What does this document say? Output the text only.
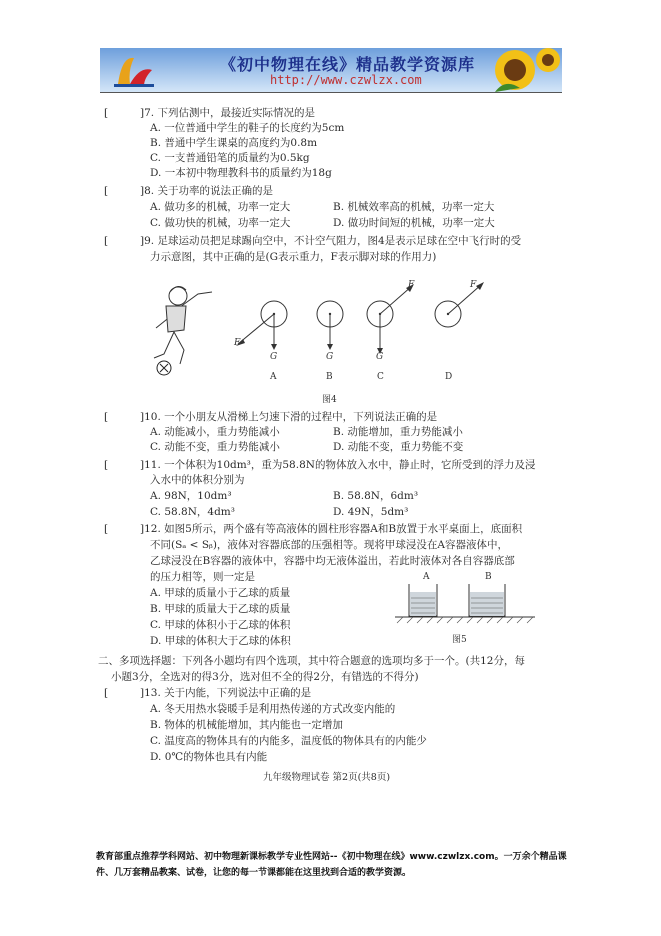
《初中物理在线》精品教学资源库
http://www.czwlzx.com
[	]7. 下列估测中，最接近实际情况的是
A. 一位普通中学生的鞋子的长度约为5cm
B. 普通中学生课桌的高度约为0.8m
C. 一支普通铅笔的质量约为0.5kg
D. 一本初中物理教科书的质量约为18g
[	]8. 关于功率的说法正确的是
A. 做功多的机械，功率一定大	B. 机械效率高的机械，功率一定大
C. 做功快的机械，功率一定大	D. 做功时间短的机械，功率一定大
[	]9. 足球运动员把足球踢向空中，不计空气阻力，图4是表示足球在空中飞行时的受
力示意图，其中正确的是(G表示重力，F表示脚对球的作用力)
F
G	G	G
F	F
A	B	C	D
图4
[	]10. 一个小朋友从滑梯上匀速下滑的过程中，下列说法正确的是
A. 动能减小，重力势能减小	B. 动能增加，重力势能减小
C. 动能不变，重力势能减小	D. 动能不变，重力势能不变
[	]11. 一个体积为10dm³，重为58.8N的物体放入水中，静止时，它所受到的浮力及浸
入水中的体积分别为
A. 98N，10dm³	B. 58.8N，6dm³
C. 58.8N，4dm³	D. 49N，5dm³
[	]12. 如图5所示，两个盛有等高液体的圆柱形容器A和B放置于水平桌面上，底面积
不同(Sₐ < Sᵦ)，液体对容器底部的压强相等。现将甲球浸没在A容器液体中，
乙球浸没在B容器的液体中，容器中均无液体溢出，若此时液体对各自容器底部
的压力相等，则一定是
A. 甲球的质量小于乙球的质量
B. 甲球的质量大于乙球的质量
C. 甲球的体积小于乙球的体积
D. 甲球的体积大于乙球的体积
A	B
图5
二、多项选择题：下列各小题均有四个选项，其中符合题意的选项均多于一个。(共12分，每
小题3分，全选对的得3分，选对但不全的得2分，有错选的不得分)
[	]13. 关于内能，下列说法中正确的是
A. 冬天用热水袋暖手是利用热传递的方式改变内能的
B. 物体的机械能增加，其内能也一定增加
C. 温度高的物体具有的内能多，温度低的物体具有的内能少
D. 0℃的物体也具有内能
九年级物理试卷 第2页(共8页)
教育部重点推荐学科网站、初中物理新课标教学专业性网站--《初中物理在线》www.czwlzx.com。一万余个精品课
件、几万套精品教案、试卷，让您的每一节课都能在这里找到合适的教学资源。
